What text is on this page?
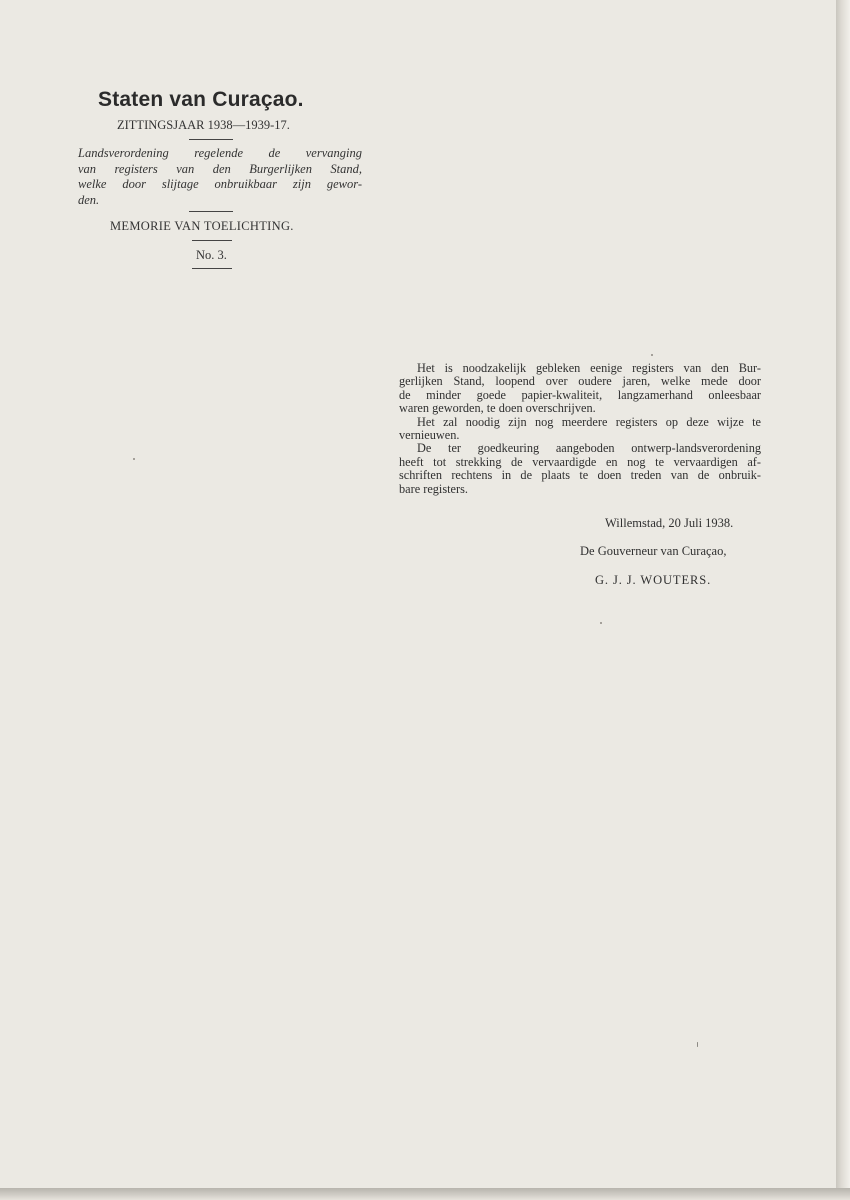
Staten van Curaçao.
ZITTINGSJAAR 1938—1939-17.
Landsverordening regelende de vervanging
van registers van den Burgerlijken Stand,
welke door slijtage onbruikbaar zijn gewor-
den.
MEMORIE VAN TOELICHTING.
No. 3.
Het is noodzakelijk gebleken eenige registers van den Bur-
gerlijken Stand, loopend over oudere jaren, welke mede door
de minder goede papier-kwaliteit, langzamerhand onleesbaar
waren geworden, te doen overschrijven.
Het zal noodig zijn nog meerdere registers op deze wijze te
vernieuwen.
De ter goedkeuring aangeboden ontwerp-landsverordening
heeft tot strekking de vervaardigde en nog te vervaardigen af-
schriften rechtens in de plaats te doen treden van de onbruik-
bare registers.
Willemstad, 20 Juli 1938.
De Gouverneur van Curaçao,
G. J. J. WOUTERS.
